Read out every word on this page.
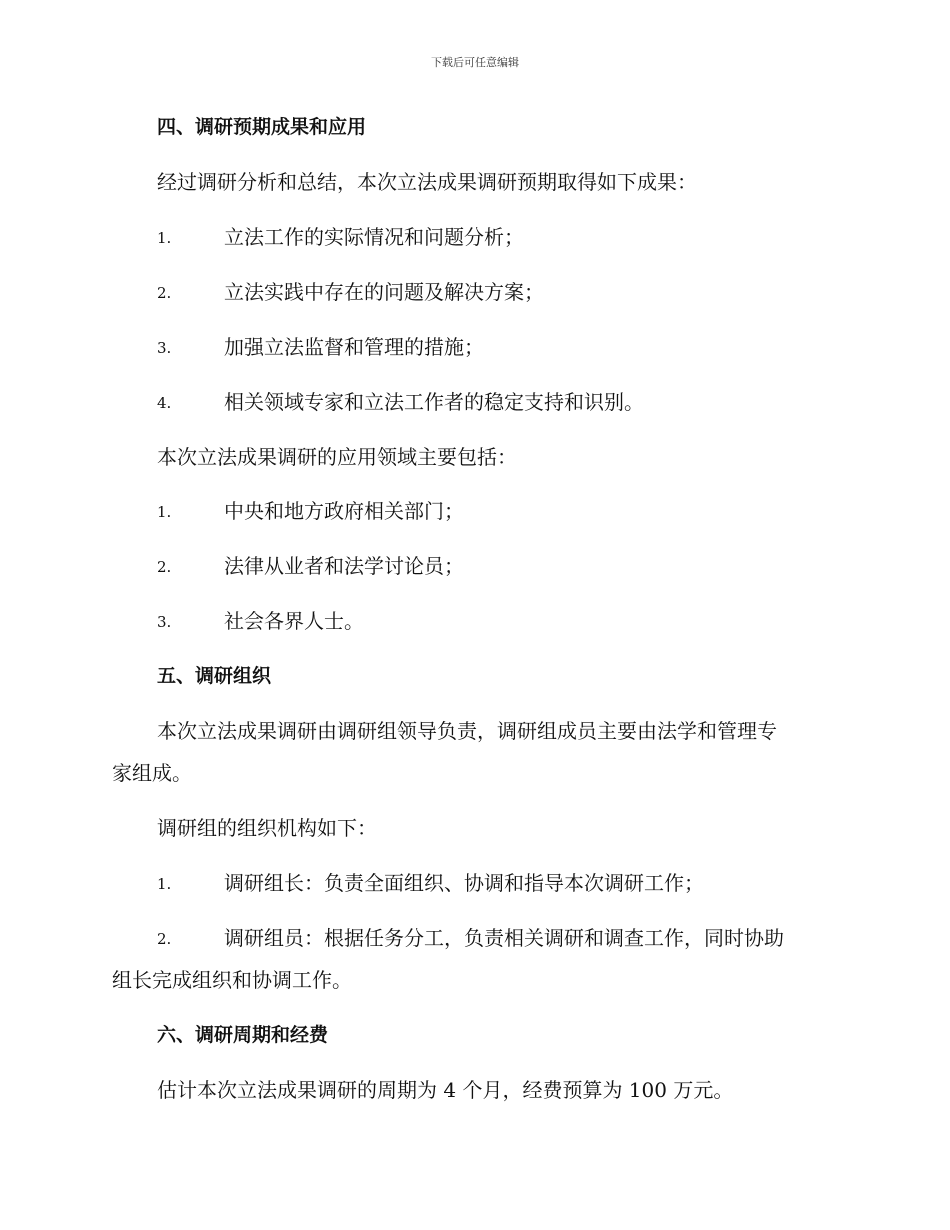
下载后可任意编辑
四、调研预期成果和应用
经过调研分析和总结，本次立法成果调研预期取得如下成果：
1.	立法工作的实际情况和问题分析；
2.	立法实践中存在的问题及解决方案；
3.	加强立法监督和管理的措施；
4.	相关领域专家和立法工作者的稳定支持和识别。
本次立法成果调研的应用领域主要包括：
1.	中央和地方政府相关部门；
2.	法律从业者和法学讨论员；
3.	社会各界人士。
五、调研组织
本次立法成果调研由调研组领导负责，调研组成员主要由法学和管理专
家组成。
调研组的组织机构如下：
1.	调研组长：负责全面组织、协调和指导本次调研工作；
2.	调研组员：根据任务分工，负责相关调研和调查工作，同时协助
组长完成组织和协调工作。
六、调研周期和经费
估计本次立法成果调研的周期为 4 个月，经费预算为 100 万元。
